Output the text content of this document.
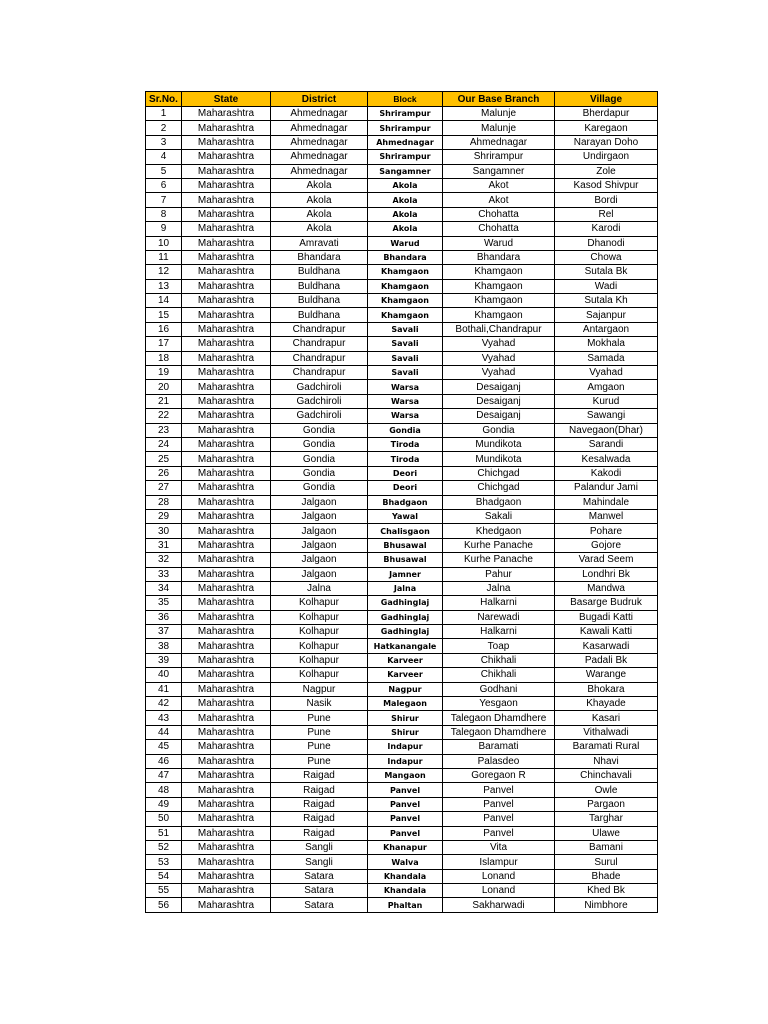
Sr.No.	State	District	Block	Our Base Branch	Village
1	Maharashtra	Ahmednagar	Shrirampur	Malunje	Bherdapur
2	Maharashtra	Ahmednagar	Shrirampur	Malunje	Karegaon
3	Maharashtra	Ahmednagar	Ahmednagar	Ahmednagar	Narayan Doho
4	Maharashtra	Ahmednagar	Shrirampur	Shrirampur	Undirgaon
5	Maharashtra	Ahmednagar	Sangamner	Sangamner	Zole
6	Maharashtra	Akola	Akola	Akot	Kasod Shivpur
7	Maharashtra	Akola	Akola	Akot	Bordi
8	Maharashtra	Akola	Akola	Chohatta	Rel
9	Maharashtra	Akola	Akola	Chohatta	Karodi
10	Maharashtra	Amravati	Warud	Warud	Dhanodi
11	Maharashtra	Bhandara	Bhandara	Bhandara	Chowa
12	Maharashtra	Buldhana	Khamgaon	Khamgaon	Sutala Bk
13	Maharashtra	Buldhana	Khamgaon	Khamgaon	Wadi
14	Maharashtra	Buldhana	Khamgaon	Khamgaon	Sutala Kh
15	Maharashtra	Buldhana	Khamgaon	Khamgaon	Sajanpur
16	Maharashtra	Chandrapur	Savali	Bothali,Chandrapur	Antargaon
17	Maharashtra	Chandrapur	Savali	Vyahad	Mokhala
18	Maharashtra	Chandrapur	Savali	Vyahad	Samada
19	Maharashtra	Chandrapur	Savali	Vyahad	Vyahad
20	Maharashtra	Gadchiroli	Warsa	Desaiganj	Amgaon
21	Maharashtra	Gadchiroli	Warsa	Desaiganj	Kurud
22	Maharashtra	Gadchiroli	Warsa	Desaiganj	Sawangi
23	Maharashtra	Gondia	Gondia	Gondia	Navegaon(Dhar)
24	Maharashtra	Gondia	Tiroda	Mundikota	Sarandi
25	Maharashtra	Gondia	Tiroda	Mundikota	Kesalwada
26	Maharashtra	Gondia	Deori	Chichgad	Kakodi
27	Maharashtra	Gondia	Deori	Chichgad	Palandur Jami
28	Maharashtra	Jalgaon	Bhadgaon	Bhadgaon	Mahindale
29	Maharashtra	Jalgaon	Yawal	Sakali	Manwel
30	Maharashtra	Jalgaon	Chalisgaon	Khedgaon	Pohare
31	Maharashtra	Jalgaon	Bhusawal	Kurhe Panache	Gojore
32	Maharashtra	Jalgaon	Bhusawal	Kurhe Panache	Varad Seem
33	Maharashtra	Jalgaon	Jamner	Pahur	Londhri Bk
34	Maharashtra	Jalna	Jalna	Jalna	Mandwa
35	Maharashtra	Kolhapur	Gadhinglaj	Halkarni	Basarge Budruk
36	Maharashtra	Kolhapur	Gadhinglaj	Narewadi	Bugadi Katti
37	Maharashtra	Kolhapur	Gadhinglaj	Halkarni	Kawali Katti
38	Maharashtra	Kolhapur	Hatkanangale	Toap	Kasarwadi
39	Maharashtra	Kolhapur	Karveer	Chikhali	Padali Bk
40	Maharashtra	Kolhapur	Karveer	Chikhali	Warange
41	Maharashtra	Nagpur	Nagpur	Godhani	Bhokara
42	Maharashtra	Nasik	Malegaon	Yesgaon	Khayade
43	Maharashtra	Pune	Shirur	Talegaon Dhamdhere	Kasari
44	Maharashtra	Pune	Shirur	Talegaon Dhamdhere	Vithalwadi
45	Maharashtra	Pune	Indapur	Baramati	Baramati Rural
46	Maharashtra	Pune	Indapur	Palasdeo	Nhavi
47	Maharashtra	Raigad	Mangaon	Goregaon R	Chinchavali
48	Maharashtra	Raigad	Panvel	Panvel	Owle
49	Maharashtra	Raigad	Panvel	Panvel	Pargaon
50	Maharashtra	Raigad	Panvel	Panvel	Targhar
51	Maharashtra	Raigad	Panvel	Panvel	Ulawe
52	Maharashtra	Sangli	Khanapur	Vita	Bamani
53	Maharashtra	Sangli	Walva	Islampur	Surul
54	Maharashtra	Satara	Khandala	Lonand	Bhade
55	Maharashtra	Satara	Khandala	Lonand	Khed Bk
56	Maharashtra	Satara	Phaltan	Sakharwadi	Nimbhore
